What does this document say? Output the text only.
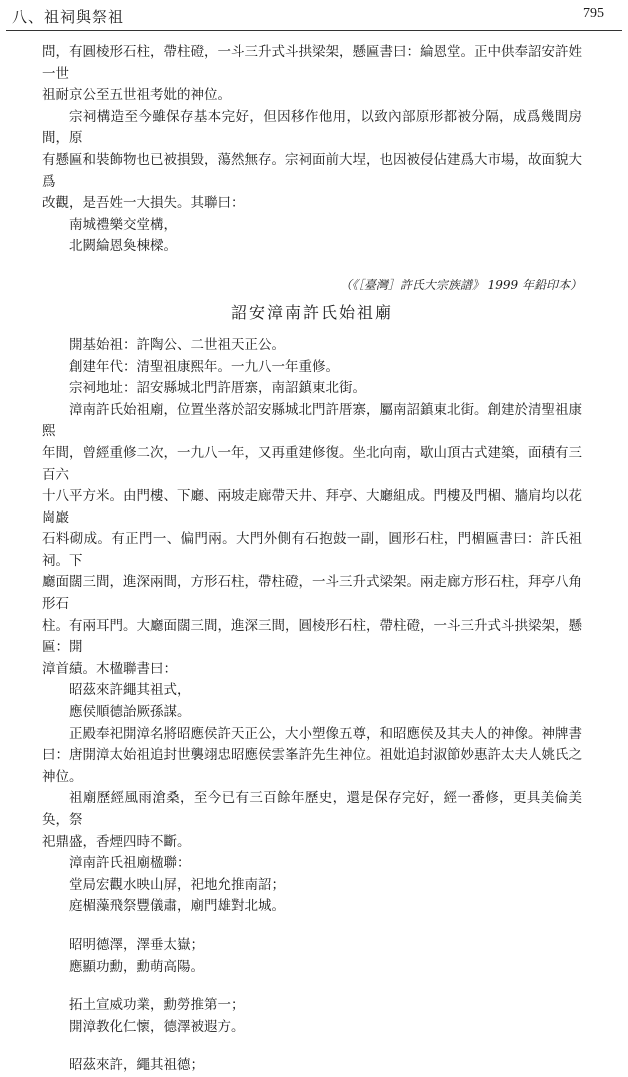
八、祖祠與祭祖	795

問，有圓棱形石柱，帶柱磴，一斗三升式斗拱梁架，懸匾書曰：綸恩堂。正中供奉詔安許姓一世

祖耐京公至五世祖考妣的神位。

宗祠構造至今雖保存基本完好，但因移作他用，以致內部原形都被分隔，成爲幾間房間，原

有懸匾和裝飾物也已被損毀，蕩然無存。宗祠面前大埕，也因被侵佔建爲大市場，故面貌大爲

改觀，是吾姓一大損失。其聯曰：

南城禮樂交堂構，

北闕綸恩奐棟樑。

（《［臺灣］許氏大宗族譜》 1999 年鉛印本）

詔安漳南許氏始祖廟

開基始祖：許陶公、二世祖天正公。

創建年代：清聖祖康熙年。一九八一年重修。

宗祠地址：詔安縣城北門許厝寨，南詔鎮東北街。

漳南許氏始祖廟，位置坐落於詔安縣城北門許厝寨，屬南詔鎮東北街。創建於清聖祖康熙

年間，曾經重修二次，一九八一年，又再重建修復。坐北向南，歇山頂古式建築，面積有三百六

十八平方米。由門樓、下廳、兩坡走廊帶天井、拜亭、大廳組成。門樓及門楣、牆肩均以花崗巖

石料砌成。有正門一、偏門兩。大門外側有石抱鼓一副，圓形石柱，門楣匾書曰：許氏祖祠。下

廳面闊三間，進深兩間，方形石柱，帶柱磴，一斗三升式梁架。兩走廊方形石柱，拜亭八角形石

柱。有兩耳門。大廳面闊三間，進深三間，圓棱形石柱，帶柱磴，一斗三升式斗拱梁架，懸匾：開

漳首績。木楹聯書曰：

昭茲來許繩其祖式，

應侯順德詒厥孫謀。

正殿奉祀開漳名將昭應侯許天正公，大小塑像五尊，和昭應侯及其夫人的神像。神牌書

曰：唐開漳太始祖追封世襲翊忠昭應侯雲峯許先生神位。祖妣追封淑節妙惠許太夫人姚氏之

神位。

祖廟歷經風雨滄桑，至今已有三百餘年歷史，還是保存完好，經一番修，更具美倫美奂，祭

祀鼎盛，香煙四時不斷。

漳南許氏祖廟楹聯：

堂局宏觀水映山屏，祀地允推南詔；

庭楣藻飛祭豐儀肅，廟門雄對北城。

昭明德澤，澤垂太嶽；

應顯功勳，勳萌高陽。

拓土宣威功業，勳勞推第一；

開漳教化仁懷，德澤被遐方。

昭茲來許，繩其祖德；
